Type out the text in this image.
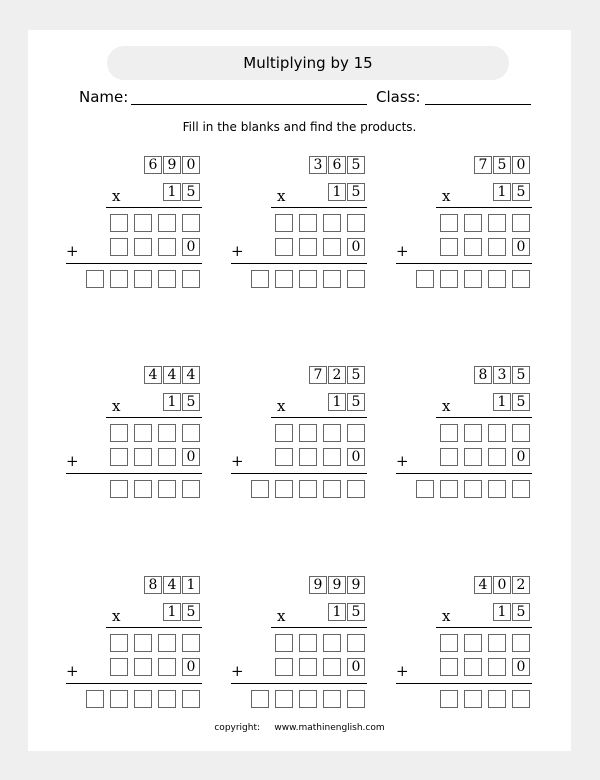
Multiplying by 15
Name:	Class:
Fill in the blanks and find the products.
6 9 0
x	1 5
+	0
3 6 5
x	1 5
+	0
7 5 0
x	1 5
+	0
4 4 4
x	1 5
+	0
7 2 5
x	1 5
+	0
8 3 5
x	1 5
+	0
8 4 1
x	1 5
+	0
9 9 9
x	1 5
+	0
4 0 2
x	1 5
+	0
copyright: www.mathinenglish.com
